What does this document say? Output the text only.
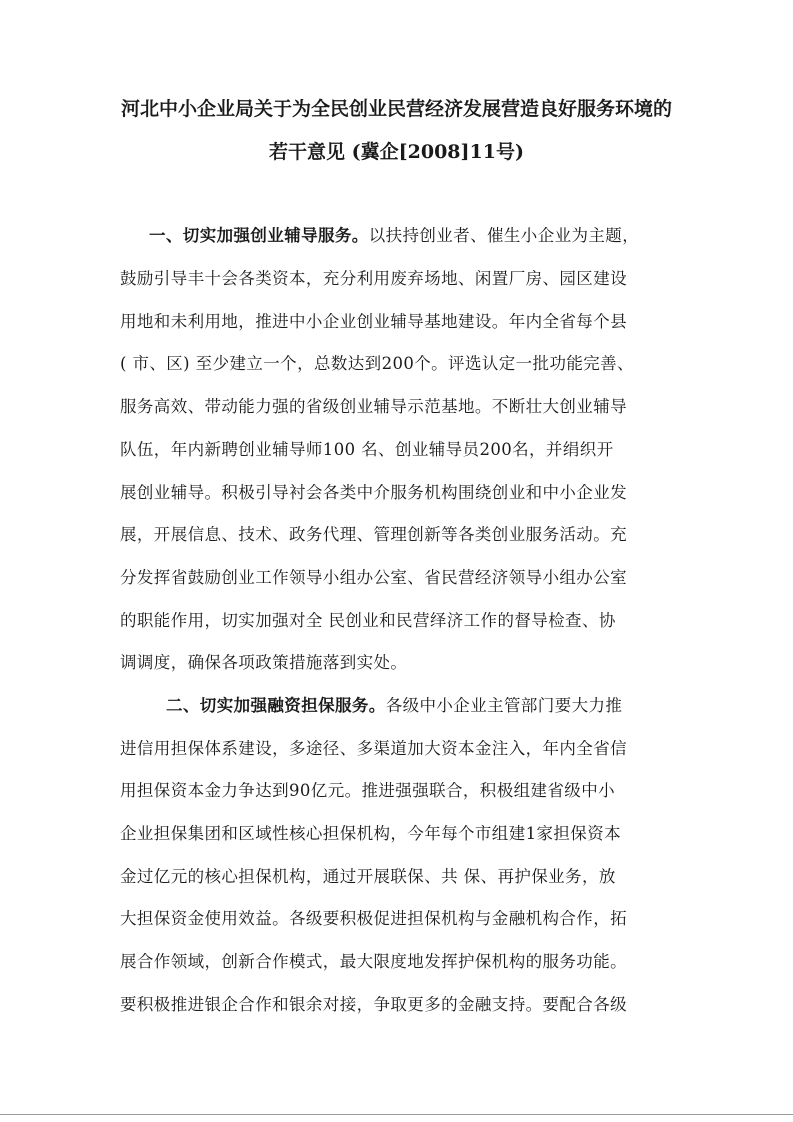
河北中小企业局关于为全民创业民营经济发展营造良好服务环境的
若干意见 (冀企[2008]11号)
一、切实加强创业辅导服务。以扶持创业者、催生小企业为主题，
鼓励引导丰十会各类资本，充分利用废弃场地、闲置厂房、园区建设
用地和未利用地，推进中小企业创业辅导基地建设。年内全省每个县
( 市、区) 至少建立一个，总数达到200个。评选认定一批功能完善、
服务高效、带动能力强的省级创业辅导示范基地。不断壮大创业辅导
队伍，年内新聘创业辅导师100 名、创业辅导员200名，并绢织开
展创业辅导。积极引导衬会各类中介服务机构围绕创业和中小企业发
展，开展信息、技术、政务代理、管理创新等各类创业服务活动。充
分发挥省鼓励创业工作领导小组办公室、省民营经济领导小组办公室
的职能作用，切实加强对全 民创业和民营绎济工作的督导检查、协
调调度，确保各项政策措施落到实处。
二、切实加强融资担保服务。各级中小企业主管部门要大力推
进信用担保体系建设，多途径、多渠道加大资本金注入，年内全省信
用担保资本金力争达到90亿元。推进强强联合，积极组建省级中小
企业担保集团和区域性核心担保机构，今年每个市组建1家担保资本
金过亿元的核心担保机构，通过开展联保、共 保、再护保业务，放
大担保资金使用效益。各级要积极促进担保机构与金融机构合作，拓
展合作领域，创新合作模式，最大限度地发挥护保机构的服务功能。
要积极推进银企合作和银余对接，争取更多的金融支持。要配合各级
